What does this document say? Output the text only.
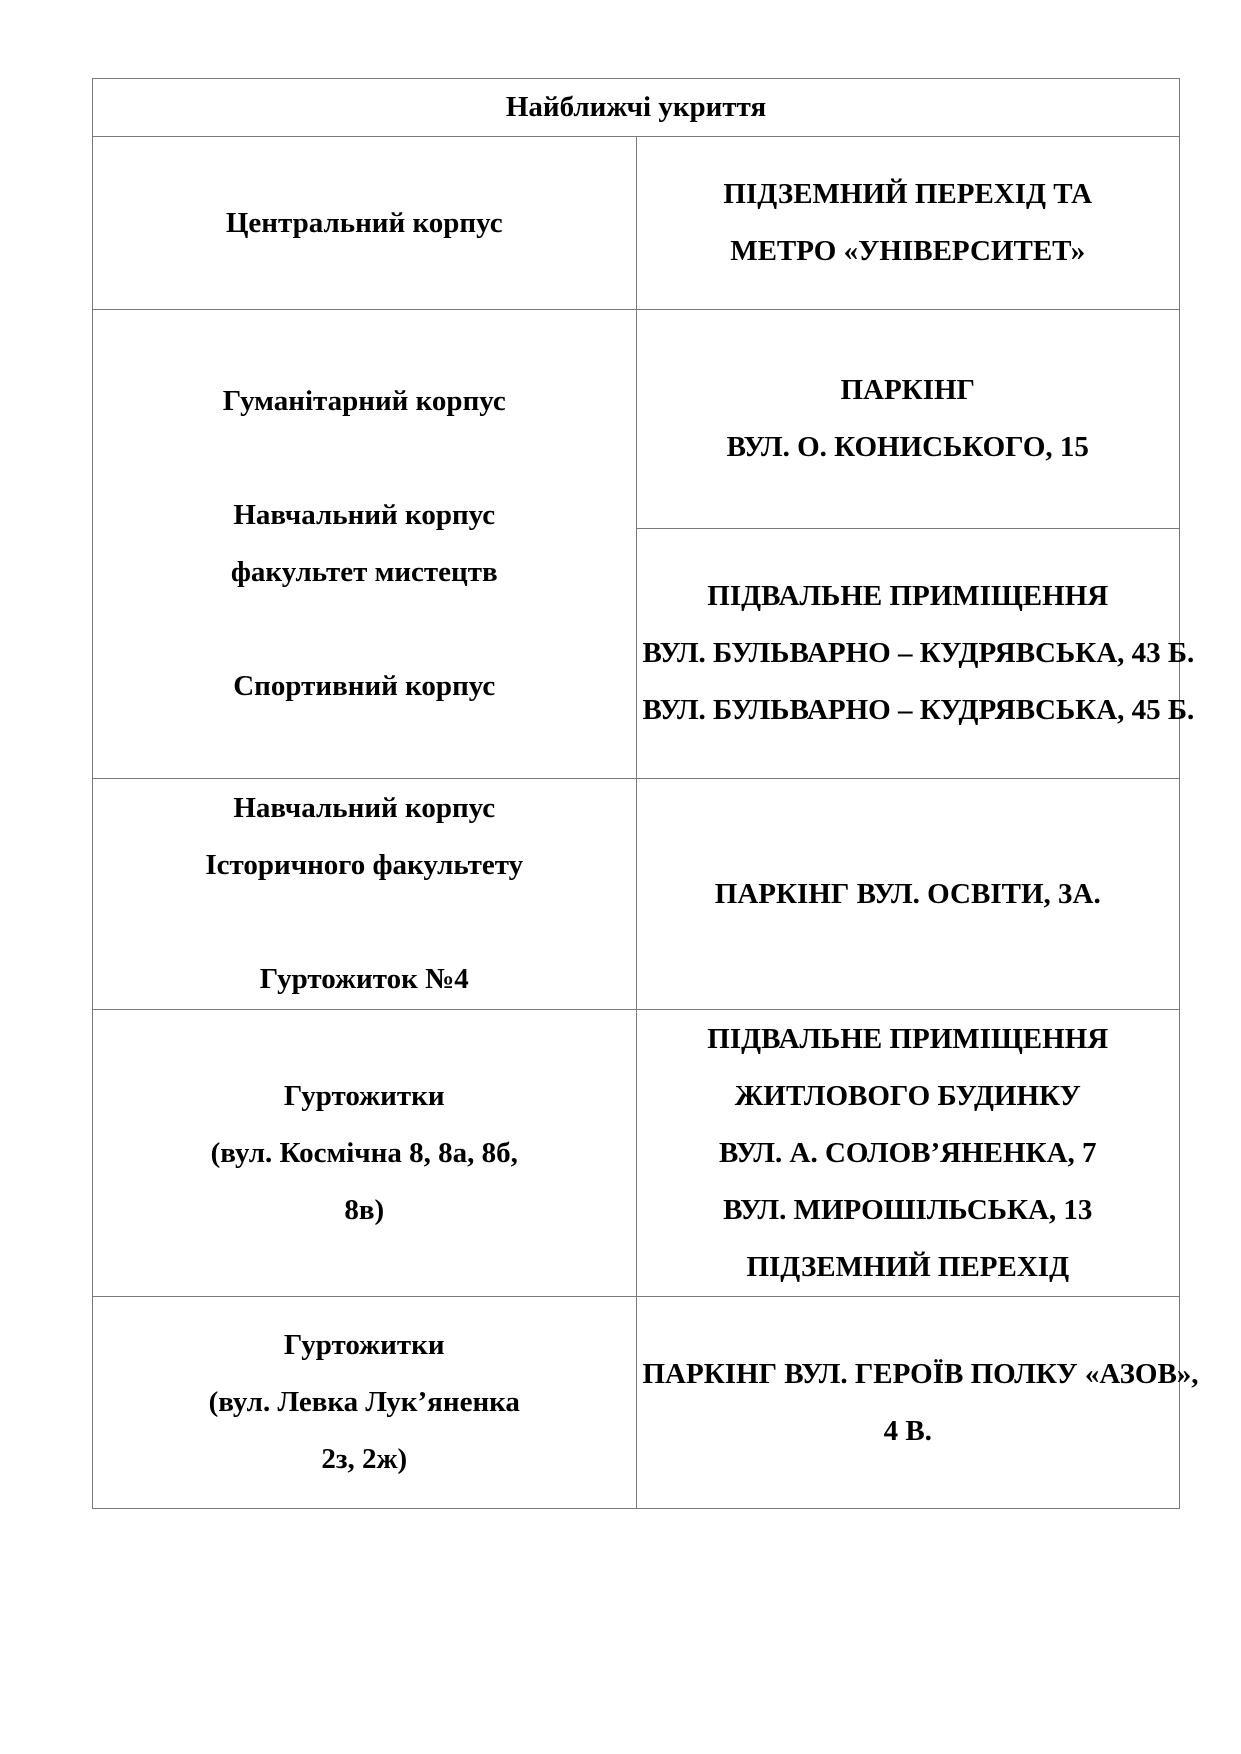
Найближчі укриття

Центральний корпус

ПІДЗЕМНИЙ ПЕРЕХІД ТА
МЕТРО «УНІВЕРСИТЕТ»

Гуманітарний корпус
Навчальний корпус
факультет мистецтв
Спортивний корпус

ПАРКІНГ
ВУЛ. О. КОНИСЬКОГО, 15

ПІДВАЛЬНЕ ПРИМІЩЕННЯ
ВУЛ. БУЛЬВАРНО – КУДРЯВСЬКА, 43 Б.
ВУЛ. БУЛЬВАРНО – КУДРЯВСЬКА, 45 Б.

Навчальний корпус
Історичного факультету
Гуртожиток №4

ПАРКІНГ ВУЛ. ОСВІТИ, 3А.

Гуртожитки
(вул. Космічна 8, 8а, 8б,
8в)

ПІДВАЛЬНЕ ПРИМІЩЕННЯ
ЖИТЛОВОГО БУДИНКУ
ВУЛ. А. СОЛОВ’ЯНЕНКА, 7
ВУЛ. МИРОШІЛЬСЬКА, 13
ПІДЗЕМНИЙ ПЕРЕХІД

Гуртожитки
(вул. Левка Лук’яненка
2з, 2ж)

ПАРКІНГ ВУЛ. ГЕРОЇВ ПОЛКУ «АЗОВ»,
4 В.
